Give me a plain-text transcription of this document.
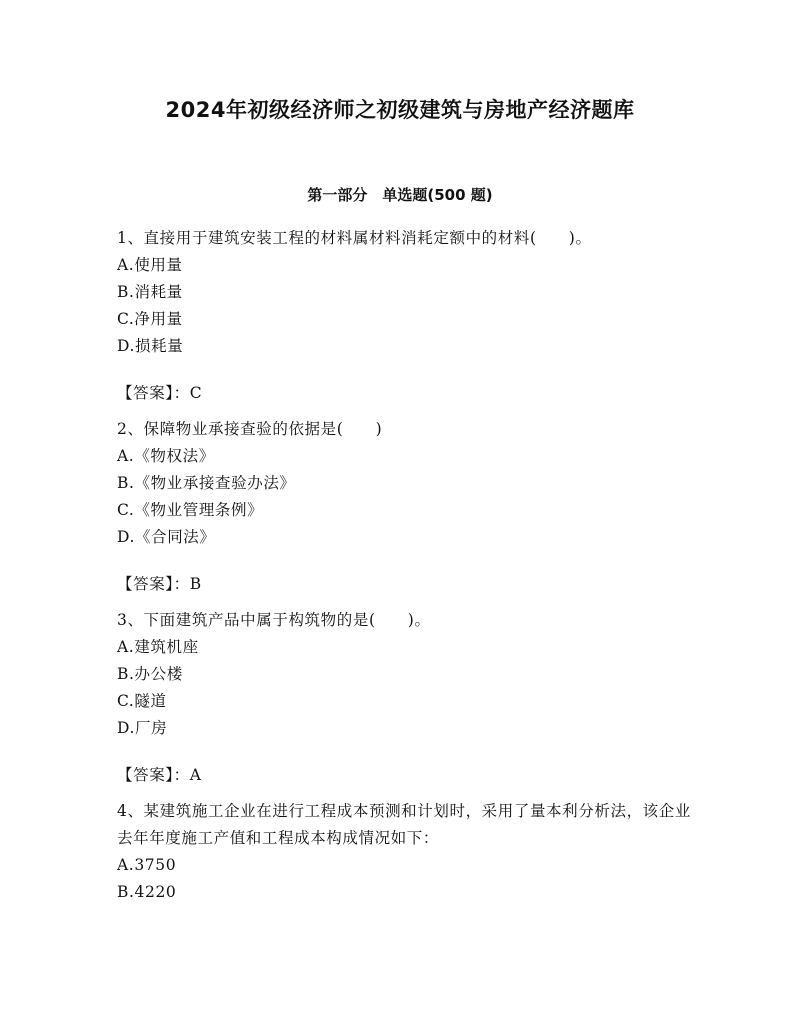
2024年初级经济师之初级建筑与房地产经济题库
第一部分　单选题(500 题)
1、直接用于建筑安装工程的材料属材料消耗定额中的材料(　　)。
A.使用量
B.消耗量
C.净用量
D.损耗量
【答案】：C
2、保障物业承接查验的依据是(　　)
A.《物权法》
B.《物业承接查验办法》
C.《物业管理条例》
D.《合同法》
【答案】：B
3、下面建筑产品中属于构筑物的是(　　)。
A.建筑机座
B.办公楼
C.隧道
D.厂房
【答案】：A
4、某建筑施工企业在进行工程成本预测和计划时，采用了量本利分析法，该企业去年年度施工产值和工程成本构成情况如下：
A.3750
B.4220
